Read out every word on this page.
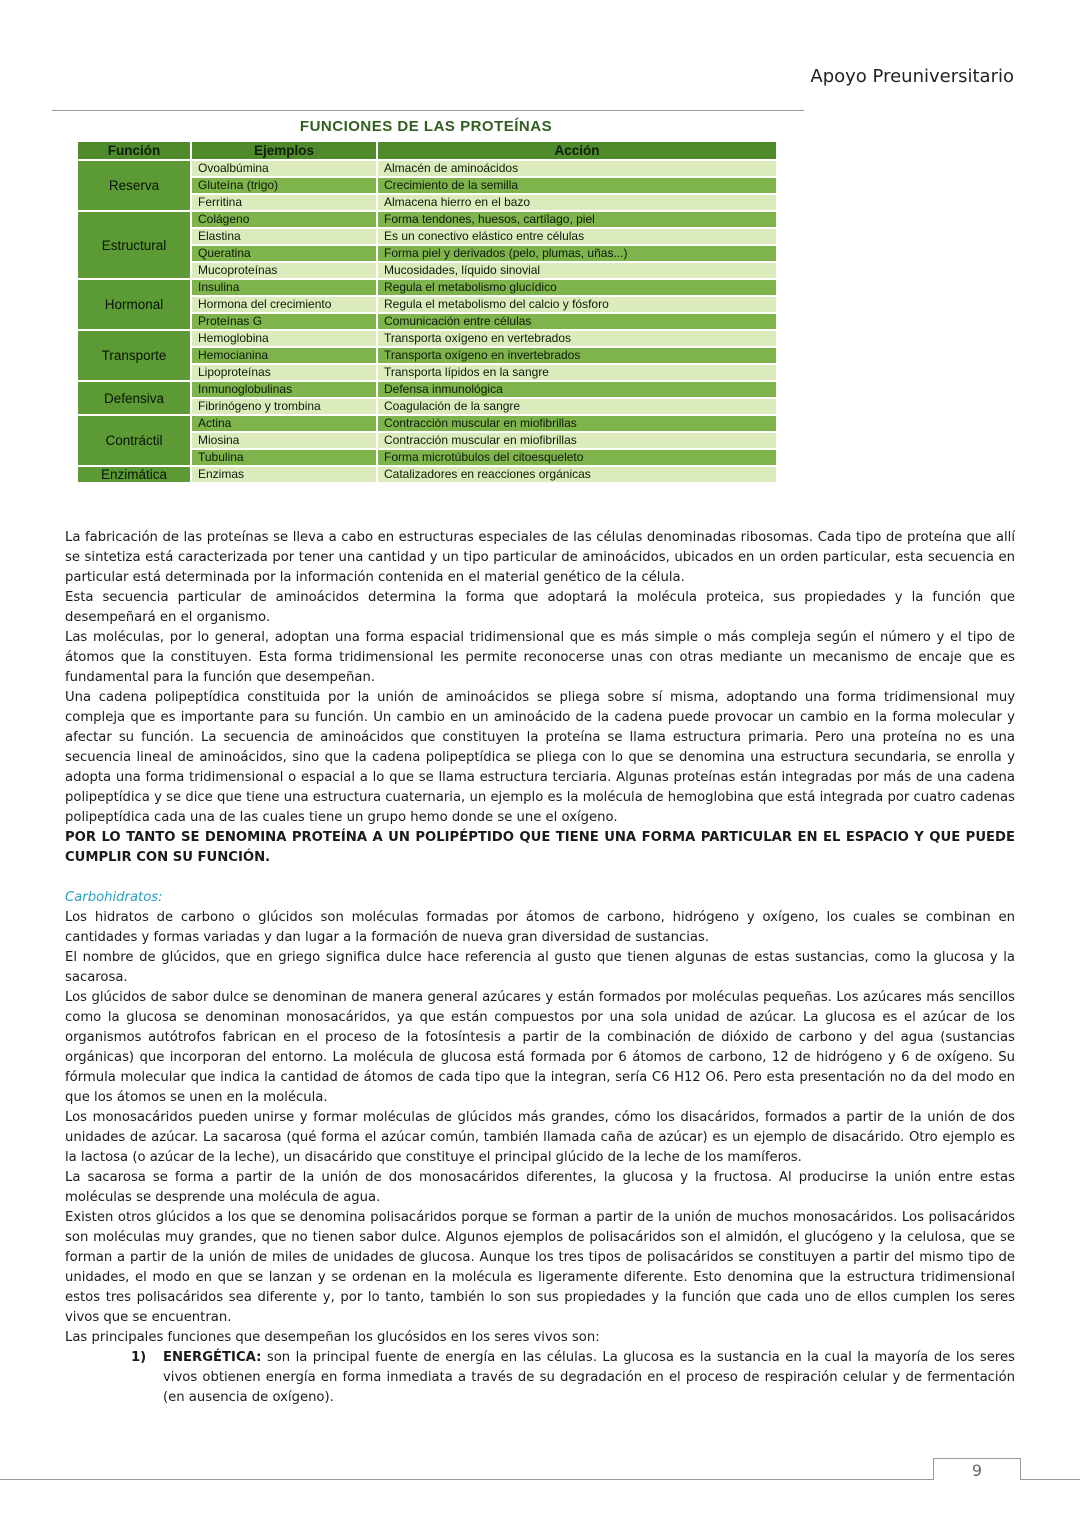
Apoyo Preuniversitario
FUNCIONES DE LAS PROTEÍNAS
Función	Ejemplos	Acción
Reserva	Ovoalbúmina	Almacén de aminoácidos
	Gluteína (trigo)	Crecimiento de la semilla
	Ferritina	Almacena hierro en el bazo
Estructural	Colágeno	Forma tendones, huesos, cartílago, piel
	Elastina	Es un conectivo elástico entre células
	Queratina	Forma piel y derivados (pelo, plumas, uñas...)
	Mucoproteínas	Mucosidades, líquido sinovial
Hormonal	Insulina	Regula el metabolismo glucídico
	Hormona del crecimiento	Regula el metabolismo del calcio y fósforo
	Proteínas G	Comunicación entre células
Transporte	Hemoglobina	Transporta oxígeno en vertebrados
	Hemocianina	Transporta oxígeno en invertebrados
	Lipoproteínas	Transporta lípidos en la sangre
Defensiva	Inmunoglobulinas	Defensa inmunológica
	Fibrinógeno y trombina	Coagulación de la sangre
Contráctil	Actina	Contracción muscular en miofibrillas
	Miosina	Contracción muscular en miofibrillas
	Tubulina	Forma microtúbulos del citoesqueleto
Enzimática	Enzimas	Catalizadores en reacciones orgánicas

La fabricación de las proteínas se lleva a cabo en estructuras especiales de las células denominadas ribosomas. Cada tipo de proteína que allí se sintetiza está caracterizada por tener una cantidad y un tipo particular de aminoácidos, ubicados en un orden particular, esta secuencia en particular está determinada por la información contenida en el material genético de la célula.

Esta secuencia particular de aminoácidos determina la forma que adoptará la molécula proteica, sus propiedades y la función que desempeñará en el organismo.

Las moléculas, por lo general, adoptan una forma espacial tridimensional que es más simple o más compleja según el número y el tipo de átomos que la constituyen. Esta forma tridimensional les permite reconocerse unas con otras mediante un mecanismo de encaje que es fundamental para la función que desempeñan.

Una cadena polipeptídica constituida por la unión de aminoácidos se pliega sobre sí misma, adoptando una forma tridimensional muy compleja que es importante para su función. Un cambio en un aminoácido de la cadena puede provocar un cambio en la forma molecular y afectar su función. La secuencia de aminoácidos que constituyen la proteína se llama estructura primaria. Pero una proteína no es una secuencia lineal de aminoácidos, sino que la cadena polipeptídica se pliega con lo que se denomina una estructura secundaria, se enrolla y adopta una forma tridimensional o espacial a lo que se llama estructura terciaria. Algunas proteínas están integradas por más de una cadena polipeptídica y se dice que tiene una estructura cuaternaria, un ejemplo es la molécula de hemoglobina que está integrada por cuatro cadenas polipeptídica cada una de las cuales tiene un grupo hemo donde se une el oxígeno.

POR LO TANTO SE DENOMINA PROTEÍNA A UN POLIPÉPTIDO QUE TIENE UNA FORMA PARTICULAR EN EL ESPACIO Y QUE PUEDE CUMPLIR CON SU FUNCIÓN.

Carbohidratos:

Los hidratos de carbono o glúcidos son moléculas formadas por átomos de carbono, hidrógeno y oxígeno, los cuales se combinan en cantidades y formas variadas y dan lugar a la formación de nueva gran diversidad de sustancias.

El nombre de glúcidos, que en griego significa dulce hace referencia al gusto que tienen algunas de estas sustancias, como la glucosa y la sacarosa.

Los glúcidos de sabor dulce se denominan de manera general azúcares y están formados por moléculas pequeñas. Los azúcares más sencillos como la glucosa se denominan monosacáridos, ya que están compuestos por una sola unidad de azúcar. La glucosa es el azúcar de los organismos autótrofos fabrican en el proceso de la fotosíntesis a partir de la combinación de dióxido de carbono y del agua (sustancias orgánicas) que incorporan del entorno. La molécula de glucosa está formada por 6 átomos de carbono, 12 de hidrógeno y 6 de oxígeno. Su fórmula molecular que indica la cantidad de átomos de cada tipo que la integran, sería C6 H12 O6. Pero esta presentación no da del modo en que los átomos se unen en la molécula.

Los monosacáridos pueden unirse y formar moléculas de glúcidos más grandes, cómo los disacáridos, formados a partir de la unión de dos unidades de azúcar. La sacarosa (qué forma el azúcar común, también llamada caña de azúcar) es un ejemplo de disacárido. Otro ejemplo es la lactosa (o azúcar de la leche), un disacárido que constituye el principal glúcido de la leche de los mamíferos.

La sacarosa se forma a partir de la unión de dos monosacáridos diferentes, la glucosa y la fructosa. Al producirse la unión entre estas moléculas se desprende una molécula de agua.

Existen otros glúcidos a los que se denomina polisacáridos porque se forman a partir de la unión de muchos monosacáridos. Los polisacáridos son moléculas muy grandes, que no tienen sabor dulce. Algunos ejemplos de polisacáridos son el almidón, el glucógeno y la celulosa, que se forman a partir de la unión de miles de unidades de glucosa. Aunque los tres tipos de polisacáridos se constituyen a partir del mismo tipo de unidades, el modo en que se lanzan y se ordenan en la molécula es ligeramente diferente. Esto denomina que la estructura tridimensional estos tres polisacáridos sea diferente y, por lo tanto, también lo son sus propiedades y la función que cada uno de ellos cumplen los seres vivos que se encuentran.

Las principales funciones que desempeñan los glucósidos en los seres vivos son:

1) ENERGÉTICA: son la principal fuente de energía en las células. La glucosa es la sustancia en la cual la mayoría de los seres vivos obtienen energía en forma inmediata a través de su degradación en el proceso de respiración celular y de fermentación (en ausencia de oxígeno).
9
